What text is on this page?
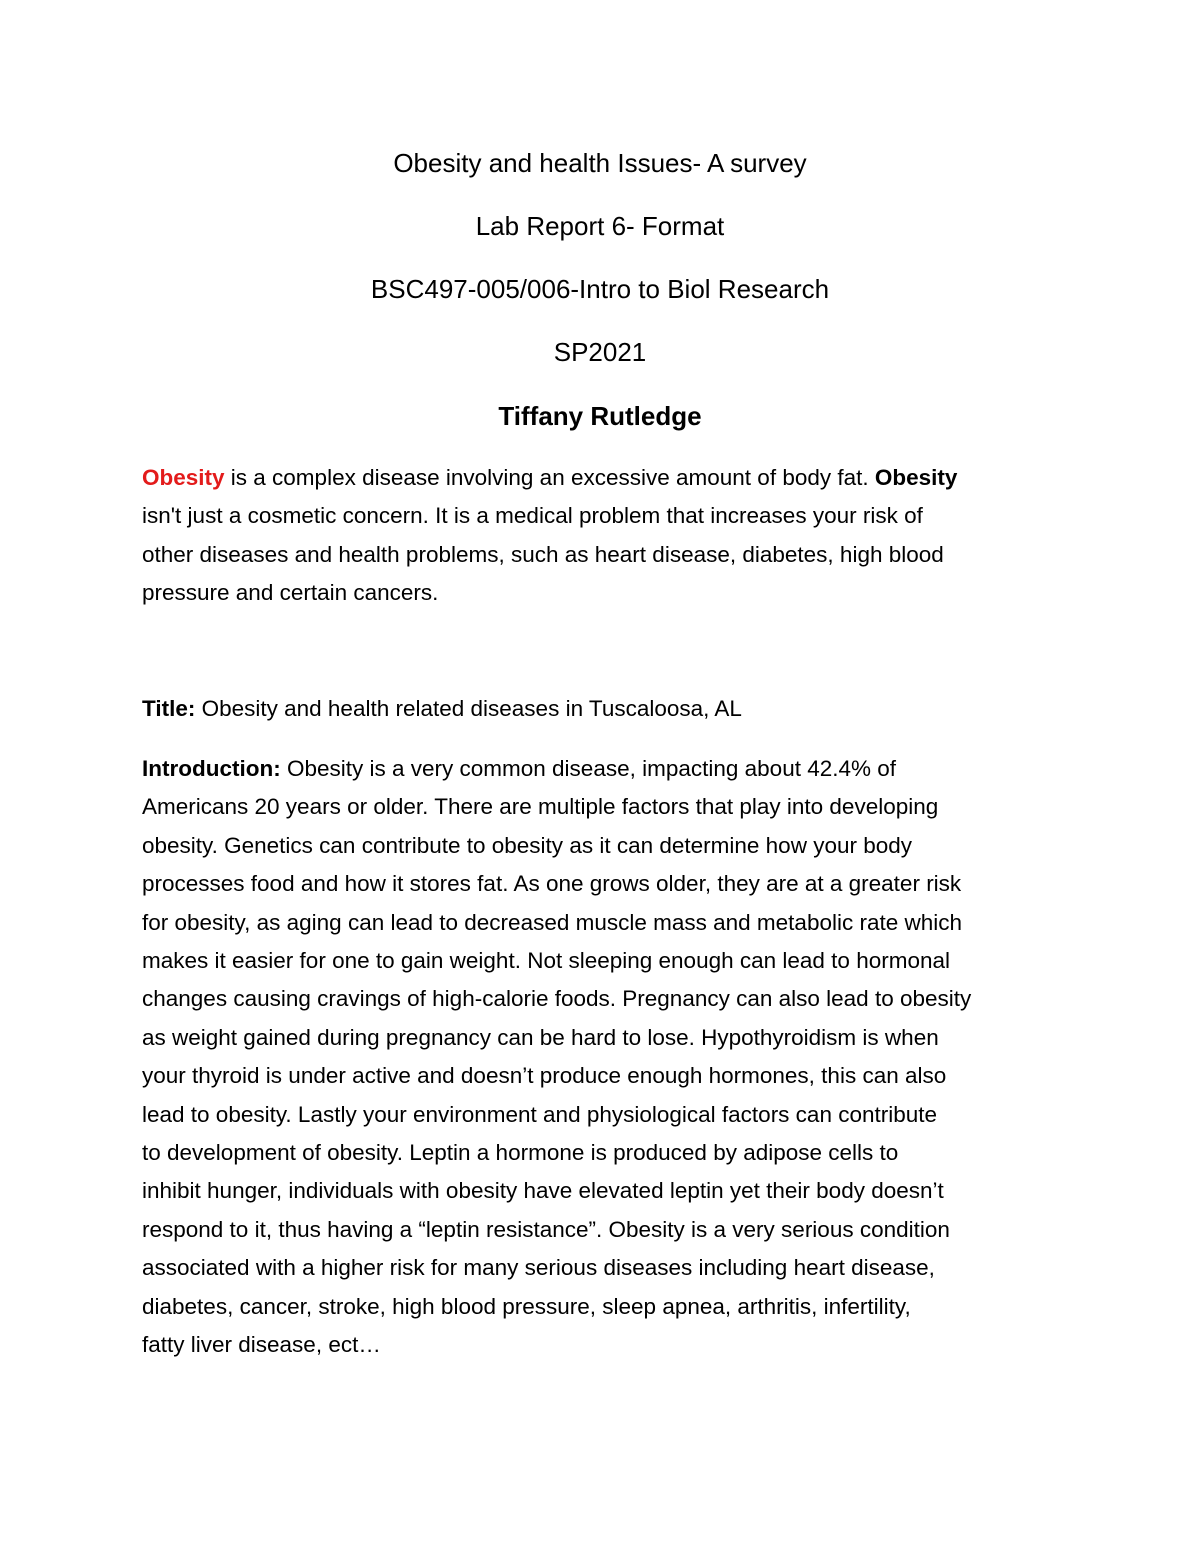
Obesity and health Issues- A survey
Lab Report 6- Format
BSC497-005/006-Intro to Biol Research
SP2021
Tiffany Rutledge

Obesity is a complex disease involving an excessive amount of body fat. Obesity
isn't just a cosmetic concern. It is a medical problem that increases your risk of
other diseases and health problems, such as heart disease, diabetes, high blood
pressure and certain cancers.

Title: Obesity and health related diseases in Tuscaloosa, AL

Introduction: Obesity is a very common disease, impacting about 42.4% of
Americans 20 years or older. There are multiple factors that play into developing
obesity. Genetics can contribute to obesity as it can determine how your body
processes food and how it stores fat. As one grows older, they are at a greater risk
for obesity, as aging can lead to decreased muscle mass and metabolic rate which
makes it easier for one to gain weight. Not sleeping enough can lead to hormonal
changes causing cravings of high-calorie foods. Pregnancy can also lead to obesity
as weight gained during pregnancy can be hard to lose. Hypothyroidism is when
your thyroid is under active and doesn’t produce enough hormones, this can also
lead to obesity. Lastly your environment and physiological factors can contribute
to development of obesity. Leptin a hormone is produced by adipose cells to
inhibit hunger, individuals with obesity have elevated leptin yet their body doesn’t
respond to it, thus having a “leptin resistance”. Obesity is a very serious condition
associated with a higher risk for many serious diseases including heart disease,
diabetes, cancer, stroke, high blood pressure, sleep apnea, arthritis, infertility,
fatty liver disease, ect…
